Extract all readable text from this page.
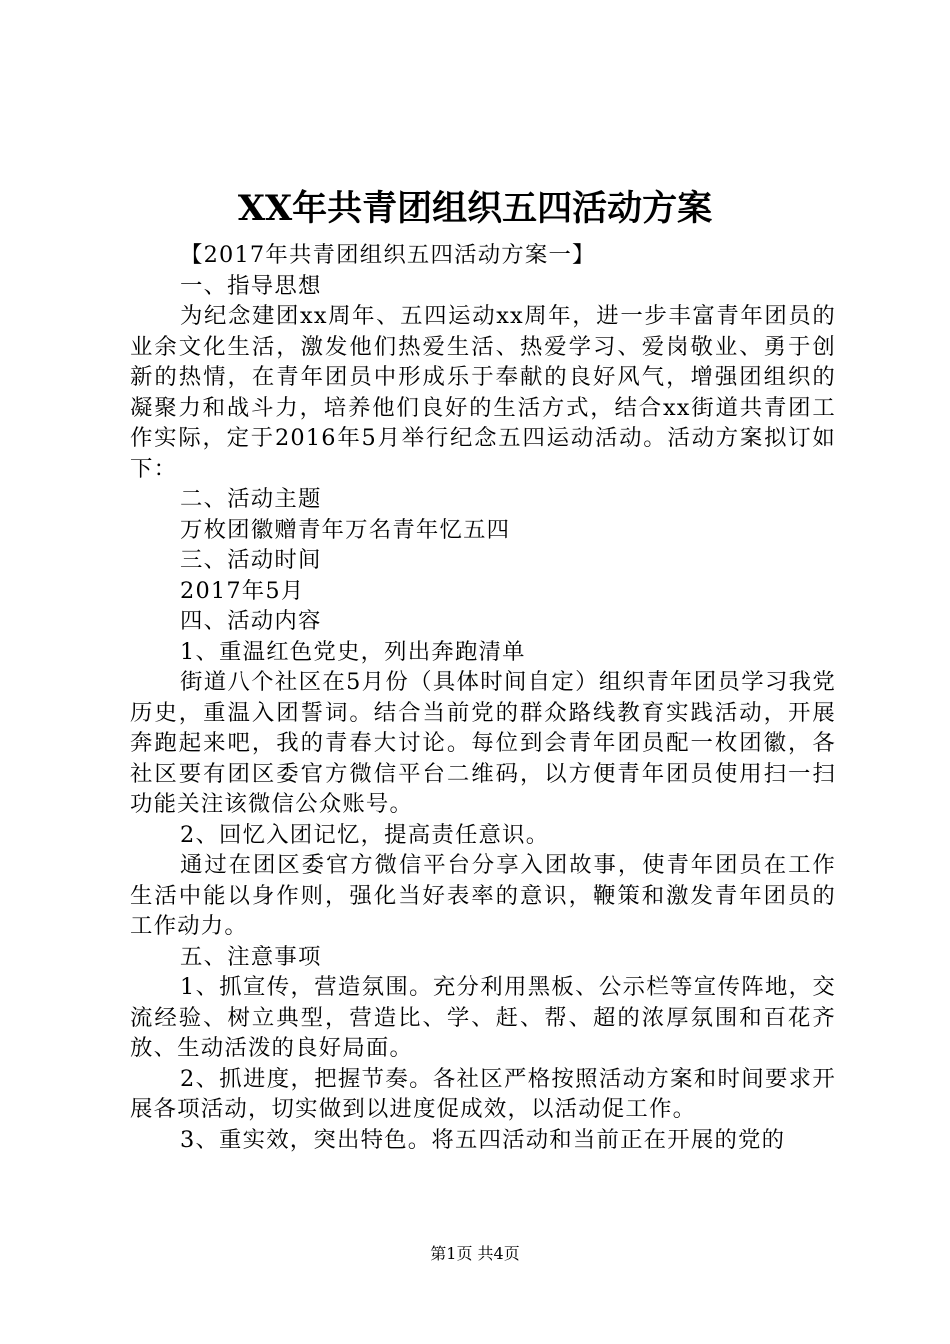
XX年共青团组织五四活动方案

【2017年共青团组织五四活动方案一】

一、指导思想

为纪念建团xx周年、五四运动xx周年，进一步丰富青年团员的业余文化生活，激发他们热爱生活、热爱学习、爱岗敬业、勇于创新的热情，在青年团员中形成乐于奉献的良好风气，增强团组织的凝聚力和战斗力，培养他们良好的生活方式，结合xx街道共青团工作实际，定于2016年5月举行纪念五四运动活动。活动方案拟订如下：

二、活动主题

万枚团徽赠青年万名青年忆五四

三、活动时间

2017年5月

四、活动内容

1、重温红色党史，列出奔跑清单

街道八个社区在5月份（具体时间自定）组织青年团员学习我党历史，重温入团誓词。结合当前党的群众路线教育实践活动，开展奔跑起来吧，我的青春大讨论。每位到会青年团员配一枚团徽，各社区要有团区委官方微信平台二维码，以方便青年团员使用扫一扫功能关注该微信公众账号。

2、回忆入团记忆，提高责任意识。

通过在团区委官方微信平台分享入团故事，使青年团员在工作生活中能以身作则，强化当好表率的意识，鞭策和激发青年团员的工作动力。

五、注意事项

1、抓宣传，营造氛围。充分利用黑板、公示栏等宣传阵地，交流经验、树立典型，营造比、学、赶、帮、超的浓厚氛围和百花齐放、生动活泼的良好局面。

2、抓进度，把握节奏。各社区严格按照活动方案和时间要求开展各项活动，切实做到以进度促成效，以活动促工作。

3、重实效，突出特色。将五四活动和当前正在开展的党的

第1页 共4页
